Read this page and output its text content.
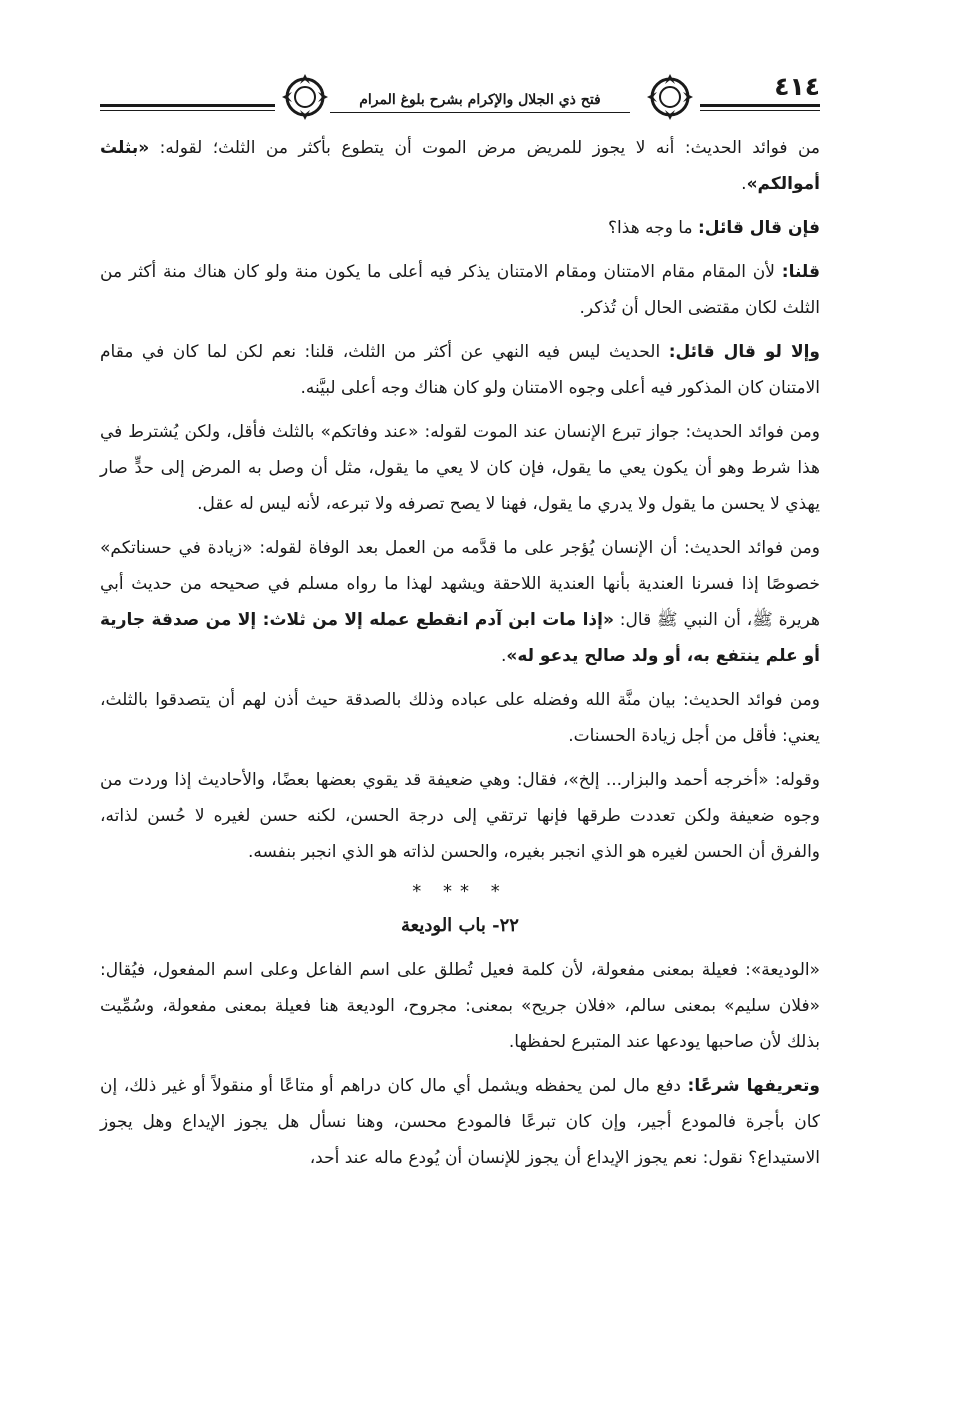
٤١٤
فتح ذي الجلال والإكرام بشرح بلوغ المرام

من فوائد الحديث: أنه لا يجوز للمريض مرض الموت أن يتطوع بأكثر من الثلث؛ لقوله: «بثلث أموالكم».

فإن قال قائل: ما وجه هذا؟

قلنا: لأن المقام مقام الامتنان ومقام الامتنان يذكر فيه أعلى ما يكون منة ولو كان هناك منة أكثر من الثلث لكان مقتضى الحال أن تُذكر.

وإلا لو قال قائل: الحديث ليس فيه النهي عن أكثر من الثلث، قلنا: نعم لكن لما كان في مقام الامتنان كان المذكور فيه أعلى وجوه الامتنان ولو كان هناك وجه أعلى لبيَّنه.

ومن فوائد الحديث: جواز تبرع الإنسان عند الموت لقوله: «عند وفاتكم» بالثلث فأقل، ولكن يُشترط في هذا شرط وهو أن يكون يعي ما يقول، فإن كان لا يعي ما يقول، مثل أن وصل به المرض إلى حدٍّ صار يهذي لا يحسن ما يقول ولا يدري ما يقول، فهنا لا يصح تصرفه ولا تبرعه، لأنه ليس له عقل.

ومن فوائد الحديث: أن الإنسان يُؤجر على ما قدَّمه من العمل بعد الوفاة لقوله: «زيادة في حسناتكم» خصوصًا إذا فسرنا العندية بأنها العندية اللاحقة ويشهد لهذا ما رواه مسلم في صحيحه من حديث أبي هريرة ﷺ، أن النبي ﷺ قال: «إذا مات ابن آدم انقطع عمله إلا من ثلاث: إلا من صدقة جارية أو علم ينتفع به، أو ولد صالح يدعو له».

ومن فوائد الحديث: بيان منَّة الله وفضله على عباده وذلك بالصدقة حيث أذن لهم أن يتصدقوا بالثلث، يعني: فأقل من أجل زيادة الحسنات.

وقوله: «أخرجه أحمد والبزار... إلخ»، فقال: وهي ضعيفة قد يقوي بعضها بعضًا، والأحاديث إذا وردت من وجوه ضعيفة ولكن تعددت طرقها فإنها ترتقي إلى درجة الحسن، لكنه حسن لغيره لا حُسن لذاته، والفرق أن الحسن لغيره هو الذي انجبر بغيره، والحسن لذاته هو الذي انجبر بنفسه.

* ** *
٢٢- باب الوديعة

«الوديعة»: فعيلة بمعنى مفعولة، لأن كلمة فعيل تُطلق على اسم الفاعل وعلى اسم المفعول، فيُقال: «فلان سليم» بمعنى سالم، «فلان جريح» بمعنى: مجروح، الوديعة هنا فعيلة بمعنى مفعولة، وسُمِّيت بذلك لأن صاحبها يودعها عند المتبرع لحفظها.

وتعريفها شرعًا: دفع مال لمن يحفظه ويشمل أي مال كان دراهم أو متاعًا أو منقولاً أو غير ذلك، إن كان بأجرة فالمودع أجير، وإن كان تبرعًا فالمودع محسن، وهنا نسأل هل يجوز الإيداع وهل يجوز الاستيداع؟ نقول: نعم يجوز الإيداع أن يجوز للإنسان أن يُودع ماله عند أحد،
